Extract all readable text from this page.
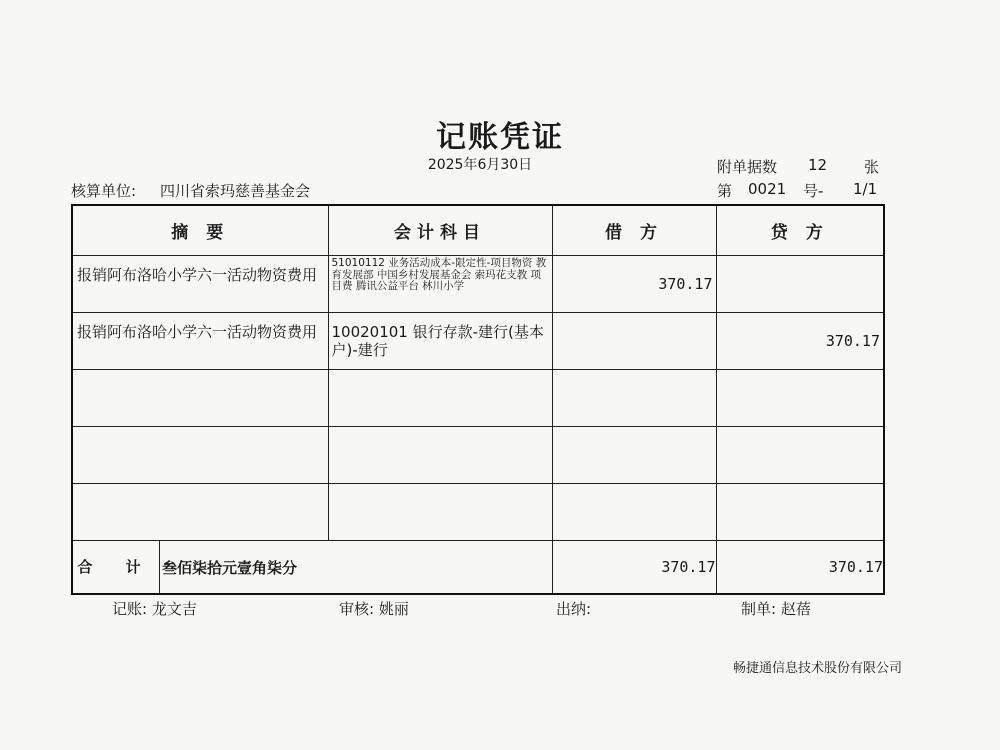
记账凭证
2025年6月30日	附单据数 12 张
核算单位: 四川省索玛慈善基金会	第 0021 号- 1/1
摘 要	会计科目	借 方	贷 方

报销阿布洛哈小学六一活动物资费用	51010112 业务活动成本-限定性-项目物资 教育发展部 中国乡村发展基金会 索玛花支教 项目费 腾讯公益平台 林川小学	370.17	

报销阿布洛哈小学六一活动物资费用	10020101 银行存款-建行(基本户)-建行		370.17

合 计 叁佰柒拾元壹角柒分		370.17	370.17
记账: 龙文吉	审核: 姚丽	出纳:	制单: 赵蓓
畅捷通信息技术股份有限公司
